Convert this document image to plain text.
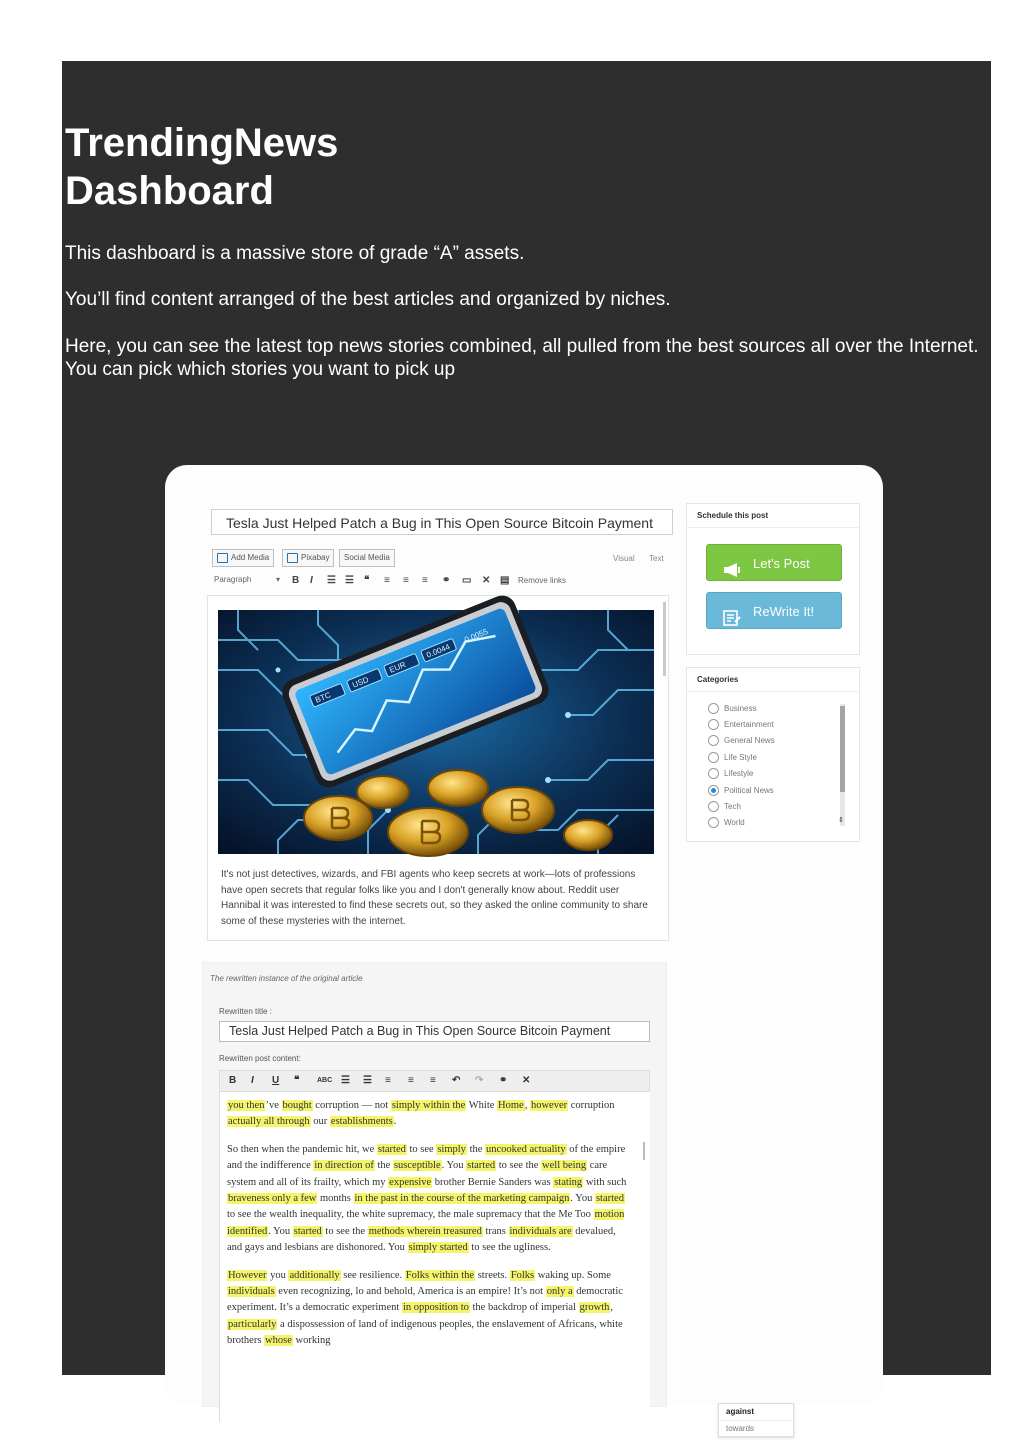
TrendingNews
Dashboard

This dashboard is a massive store of grade “A” assets.

You’ll find content arranged of the best articles and organized by niches.

Here, you can see the latest top news stories combined, all pulled from the best sources all over the Internet. You can pick which stories you want to pick up

Tesla Just Helped Patch a Bug in This Open Source Bitcoin Payment
Add Media	Pixabay	Social Media	Visual Text
Paragraph	▾ B I ☰ ☰ ❝ ≡ ≡ ≡ ⚭ ▭ ✕ ▤ Remove links
BTC
USD
EUR
0.0044
0.0055

It's not just detectives, wizards, and FBI agents who keep secrets at work—lots of professions have open secrets that regular folks like you and I don't generally know about. Reddit user Hannibal it was interested to find these secrets out, so they asked the online community to share some of these mysteries with the internet.

Schedule this post
Let's Post
ReWrite It!
Categories
Business
Entertainment
General News
Life Style
Lifestyle
Political News
Tech
World	⇕
The rewritten instance of the original article
Rewritten title :
Tesla Just Helped Patch a Bug in This Open Source Bitcoin Payment
Rewritten post content:
B I U ❝	ABC ☰ ☰ ≡ ≡ ≡ ↶ ↷ ⚭ ✕

you then’ve bought corruption — not simply within the White Home, however corruption actually all through our establishments.

So then when the pandemic hit, we started to see simply the uncooked actuality of the empire and the indifference in direction of the susceptible. You started to see the well being care system and all of its frailty, which my expensive brother Bernie Sanders was stating with such braveness only a few months in the past in the course of the marketing campaign. You started to see the wealth inequality, the white supremacy, the male supremacy that the Me Too motion identified. You started to see the methods wherein treasured trans individuals are devalued, and gays and lesbians are dishonored. You simply started to see the ugliness.

However you additionally see resilience. Folks within the streets. Folks waking up. Some individuals even recognizing, lo and behold, America is an empire! It’s not only a democratic experiment. It’s a democratic experiment in opposition to the backdrop of imperial growth, particularly a dispossession of land of indigenous peoples, the enslavement of Africans, white brothers whose working

against
towards
